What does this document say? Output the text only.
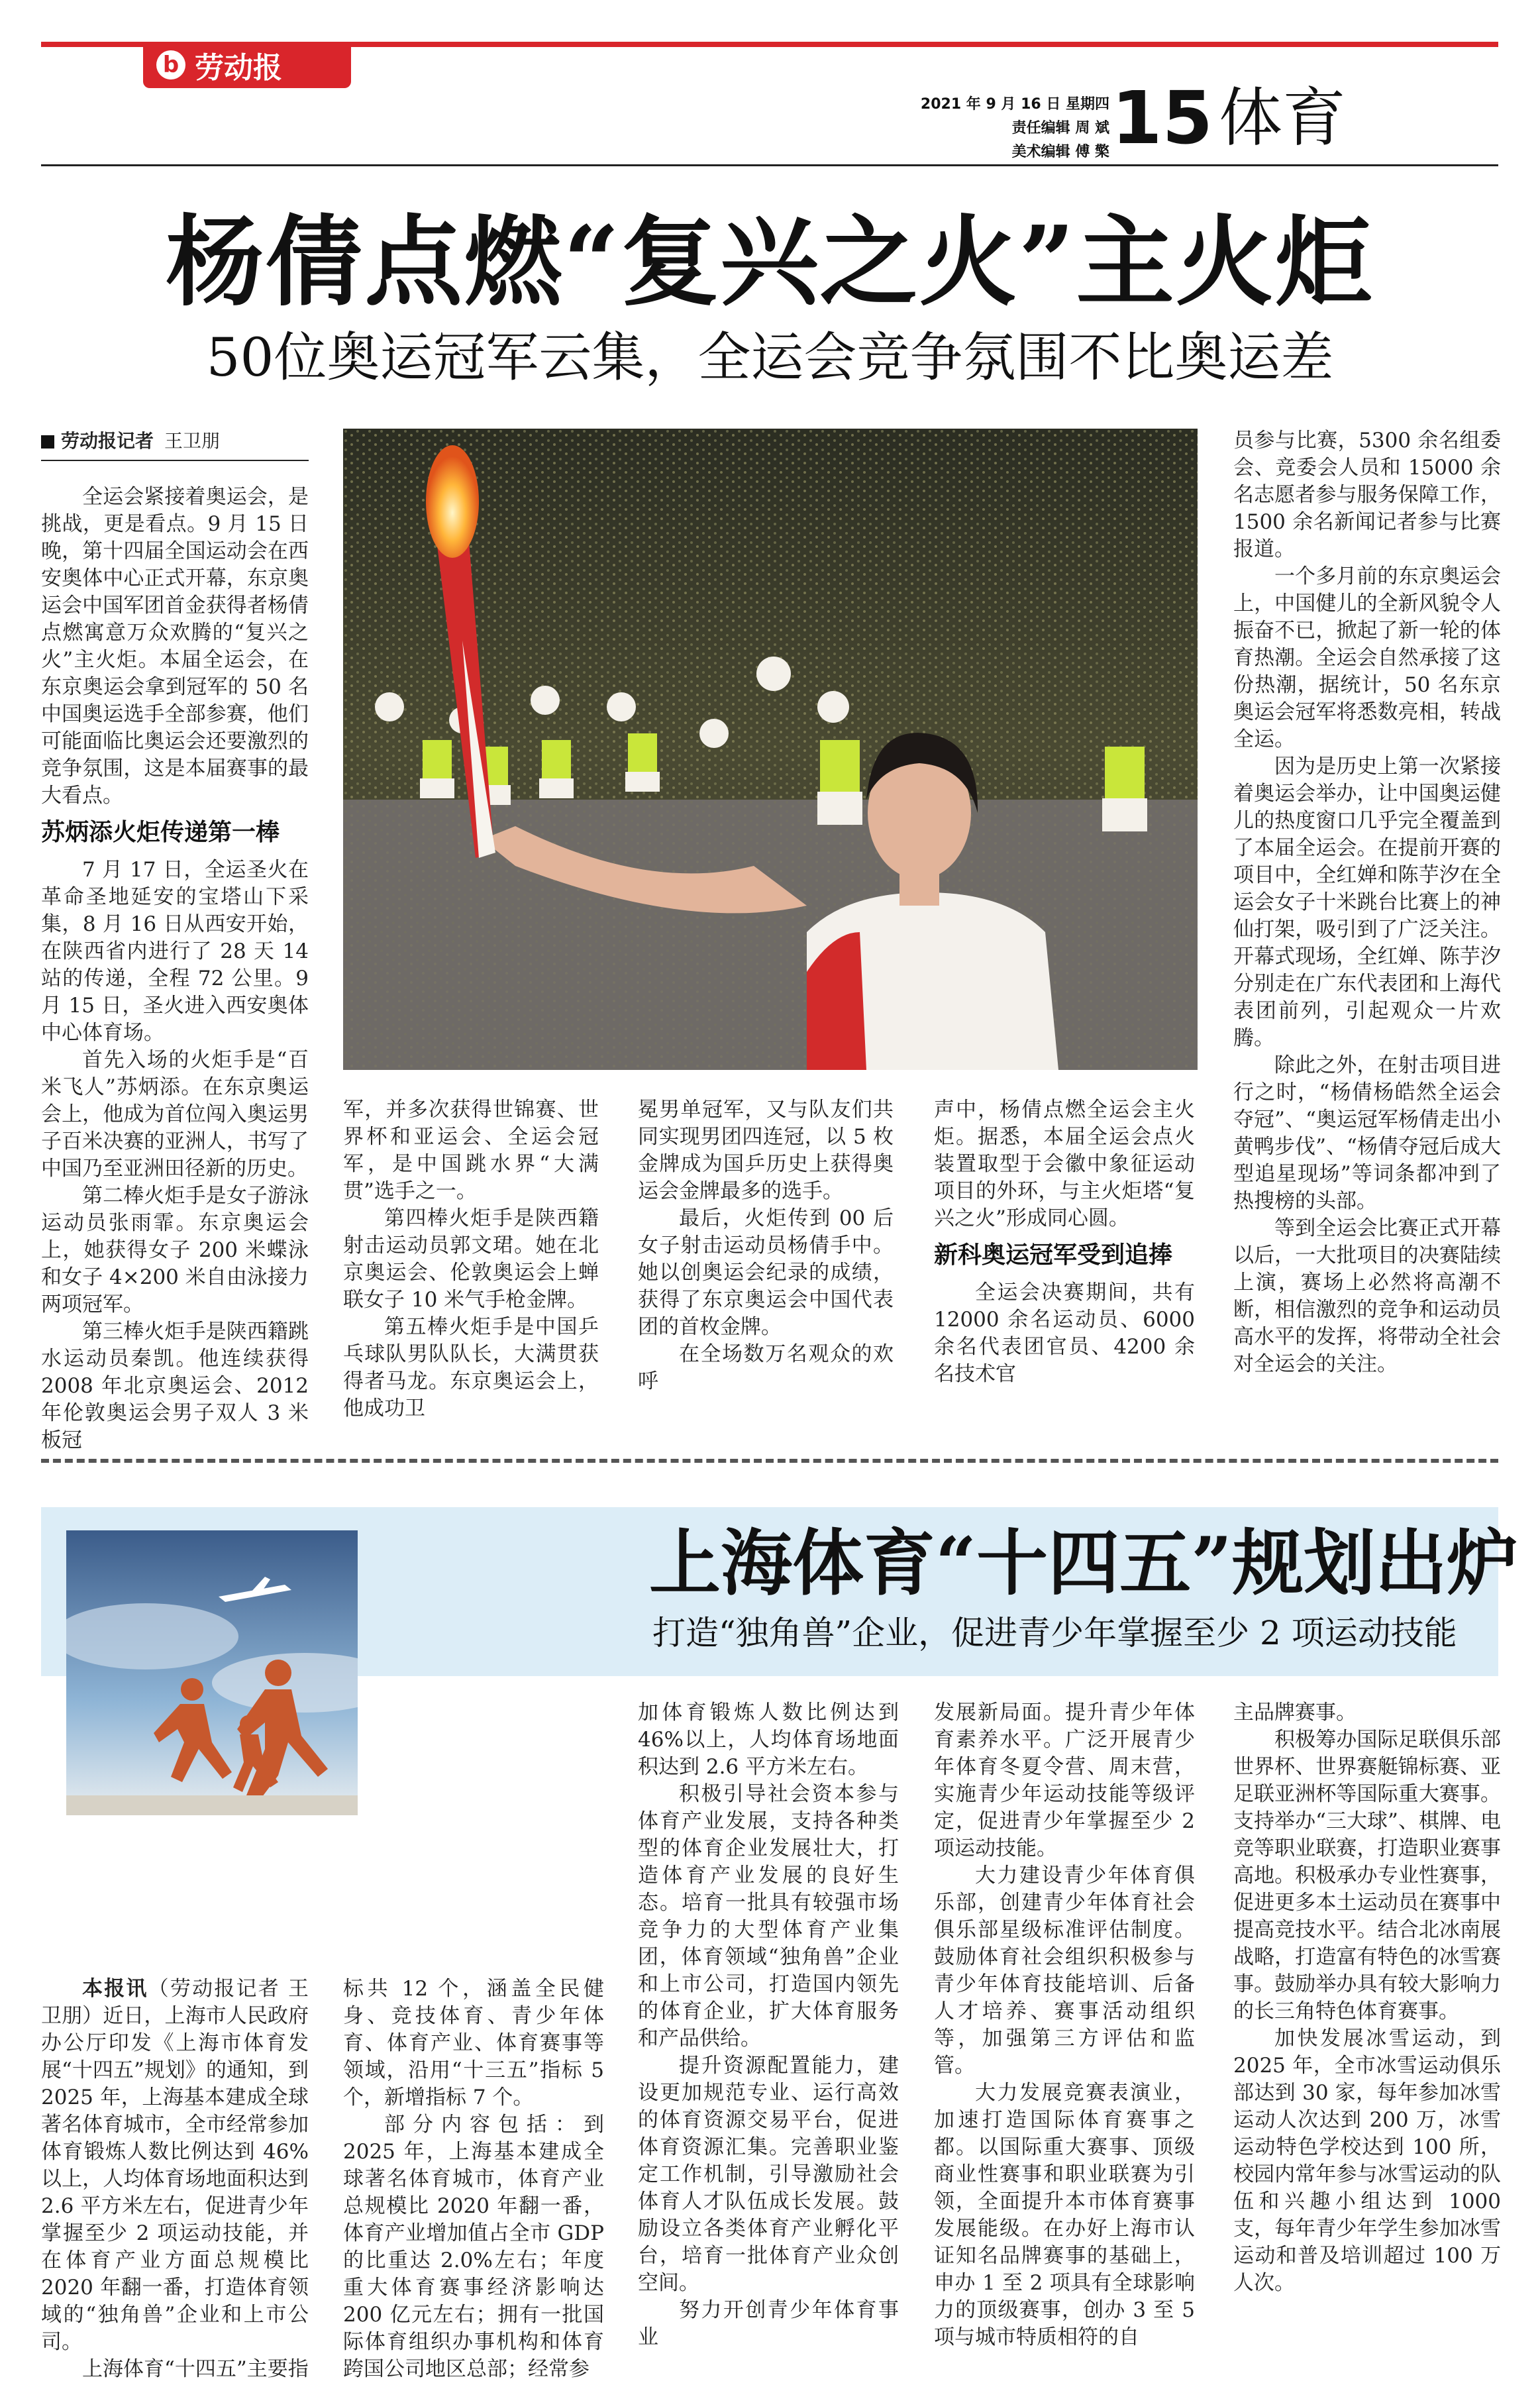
b 劳动报
2021 年 9 月 16 日 星期四
责任编辑 周 斌
美术编辑 傅 檠 15 体育
杨倩点燃“复兴之火”主火炬
50位奥运冠军云集，全运会竞争氛围不比奥运差
劳动报记者 王卫朋

全运会紧接着奥运会，是挑战，更是看点。9 月 15 日晚，第十四届全国运动会在西安奥体中心正式开幕，东京奥运会中国军团首金获得者杨倩点燃寓意万众欢腾的“复兴之火”主火炬。本届全运会，在东京奥运会拿到冠军的 50 名中国奥运选手全部参赛，他们可能面临比奥运会还要激烈的竞争氛围，这是本届赛事的最大看点。

苏炳添火炬传递第一棒

7 月 17 日，全运圣火在革命圣地延安的宝塔山下采集，8 月 16 日从西安开始，在陕西省内进行了 28 天 14 站的传递，全程 72 公里。9 月 15 日，圣火进入西安奥体中心体育场。

首先入场的火炬手是“百米飞人”苏炳添。在东京奥运会上，他成为首位闯入奥运男子百米决赛的亚洲人，书写了中国乃至亚洲田径新的历史。

第二棒火炬手是女子游泳运动员张雨霏。东京奥运会上，她获得女子 200 米蝶泳和女子 4×200 米自由泳接力两项冠军。

第三棒火炬手是陕西籍跳水运动员秦凯。他连续获得 2008 年北京奥运会、2012 年伦敦奥运会男子双人 3 米板冠

军，并多次获得世锦赛、世界杯和亚运会、全运会冠军，是中国跳水界“大满贯”选手之一。

第四棒火炬手是陕西籍射击运动员郭文珺。她在北京奥运会、伦敦奥运会上蝉联女子 10 米气手枪金牌。

第五棒火炬手是中国乒乓球队男队队长，大满贯获得者马龙。东京奥运会上，他成功卫

冕男单冠军，又与队友们共同实现男团四连冠，以 5 枚金牌成为国乒历史上获得奥运会金牌最多的选手。

最后，火炬传到 00 后女子射击运动员杨倩手中。她以创奥运会纪录的成绩，获得了东京奥运会中国代表团的首枚金牌。

在全场数万名观众的欢呼

声中，杨倩点燃全运会主火炬。据悉，本届全运会点火装置取型于会徽中象征运动项目的外环，与主火炬塔“复兴之火”形成同心圆。

新科奥运冠军受到追捧

全运会决赛期间，共有 12000 余名运动员、6000 余名代表团官员、4200 余名技术官

员参与比赛，5300 余名组委会、竞委会人员和 15000 余名志愿者参与服务保障工作，1500 余名新闻记者参与比赛报道。

一个多月前的东京奥运会上，中国健儿的全新风貌令人振奋不已，掀起了新一轮的体育热潮。全运会自然承接了这份热潮，据统计，50 名东京奥运会冠军将悉数亮相，转战全运。

因为是历史上第一次紧接着奥运会举办，让中国奥运健儿的热度窗口几乎完全覆盖到了本届全运会。在提前开赛的项目中，全红婵和陈芋汐在全运会女子十米跳台比赛上的神仙打架，吸引到了广泛关注。开幕式现场，全红婵、陈芋汐分别走在广东代表团和上海代表团前列，引起观众一片欢腾。

除此之外，在射击项目进行之时，“杨倩杨皓然全运会夺冠”、“奥运冠军杨倩走出小黄鸭步伐”、“杨倩夺冠后成大型追星现场”等词条都冲到了热搜榜的头部。

等到全运会比赛正式开幕以后，一大批项目的决赛陆续上演，赛场上必然将高潮不断，相信激烈的竞争和运动员高水平的发挥，将带动全社会对全运会的关注。

上海体育“十四五”规划出炉
打造“独角兽”企业，促进青少年掌握至少 2 项运动技能

本报讯（劳动报记者 王卫朋）近日，上海市人民政府办公厅印发《上海市体育发展“十四五”规划》的通知，到 2025 年，上海基本建成全球著名体育城市，全市经常参加体育锻炼人数比例达到 46%以上，人均体育场地面积达到 2.6 平方米左右，促进青少年掌握至少 2 项运动技能，并在体育产业方面总规模比 2020 年翻一番，打造体育领域的“独角兽”企业和上市公司。

上海体育“十四五”主要指

标共 12 个，涵盖全民健身、竞技体育、青少年体育、体育产业、体育赛事等领域，沿用“十三五”指标 5 个，新增指标 7 个。

部分内容包括：到 2025 年，上海基本建成全球著名体育城市，体育产业总规模比 2020 年翻一番，体育产业增加值占全市 GDP 的比重达 2.0%左右；年度重大体育赛事经济影响达 200 亿元左右；拥有一批国际体育组织办事机构和体育跨国公司地区总部；经常参

加体育锻炼人数比例达到 46%以上，人均体育场地面积达到 2.6 平方米左右。

积极引导社会资本参与体育产业发展，支持各种类型的体育企业发展壮大，打造体育产业发展的良好生态。培育一批具有较强市场竞争力的大型体育产业集团，体育领域“独角兽”企业和上市公司，打造国内领先的体育企业，扩大体育服务和产品供给。

提升资源配置能力，建设更加规范专业、运行高效的体育资源交易平台，促进体育资源汇集。完善职业鉴定工作机制，引导激励社会体育人才队伍成长发展。鼓励设立各类体育产业孵化平台，培育一批体育产业众创空间。

努力开创青少年体育事业

发展新局面。提升青少年体育素养水平。广泛开展青少年体育冬夏令营、周末营，实施青少年运动技能等级评定，促进青少年掌握至少 2 项运动技能。

大力建设青少年体育俱乐部，创建青少年体育社会俱乐部星级标准评估制度。鼓励体育社会组织积极参与青少年体育技能培训、后备人才培养、赛事活动组织等，加强第三方评估和监管。

大力发展竞赛表演业，加速打造国际体育赛事之都。以国际重大赛事、顶级商业性赛事和职业联赛为引领，全面提升本市体育赛事发展能级。在办好上海市认证知名品牌赛事的基础上，申办 1 至 2 项具有全球影响力的顶级赛事，创办 3 至 5 项与城市特质相符的自

主品牌赛事。

积极筹办国际足联俱乐部世界杯、世界赛艇锦标赛、亚足联亚洲杯等国际重大赛事。支持举办“三大球”、棋牌、电竞等职业联赛，打造职业赛事高地。积极承办专业性赛事，促进更多本土运动员在赛事中提高竞技水平。结合北冰南展战略，打造富有特色的冰雪赛事。鼓励举办具有较大影响力的长三角特色体育赛事。

加快发展冰雪运动，到 2025 年，全市冰雪运动俱乐部达到 30 家，每年参加冰雪运动人次达到 200 万，冰雪运动特色学校达到 100 所，校园内常年参与冰雪运动的队伍和兴趣小组达到 1000 支，每年青少年学生参加冰雪运动和普及培训超过 100 万人次。
